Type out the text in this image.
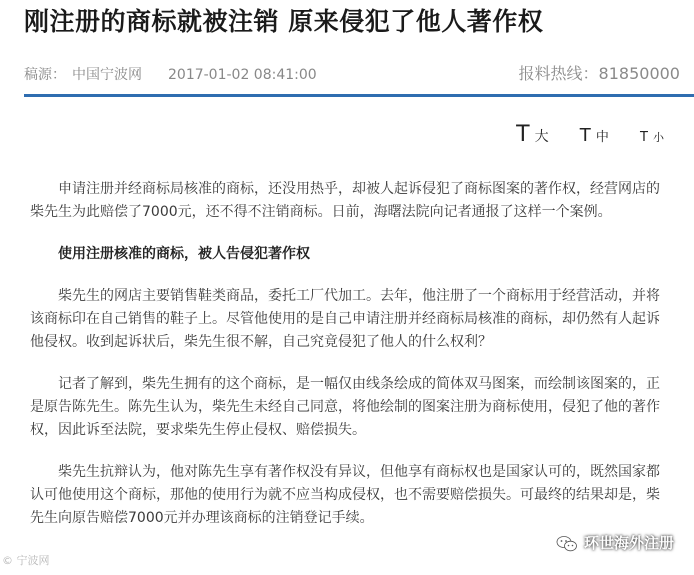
刚注册的商标就被注销 原来侵犯了他人著作权
稿源： 中国宁波网 2017-01-02 08:41:00	报料热线：81850000
T 大 T 中 T 小

申请注册并经商标局核准的商标，还没用热乎，却被人起诉侵犯了商标图案的著作权，经营网店的柴先生为此赔偿了7000元，还不得不注销商标。日前，海曙法院向记者通报了这样一个案例。

使用注册核准的商标，被人告侵犯著作权

柴先生的网店主要销售鞋类商品，委托工厂代加工。去年，他注册了一个商标用于经营活动，并将该商标印在自己销售的鞋子上。尽管他使用的是自己申请注册并经商标局核准的商标，却仍然有人起诉他侵权。收到起诉状后，柴先生很不解，自己究竟侵犯了他人的什么权利？

记者了解到，柴先生拥有的这个商标，是一幅仅由线条绘成的简体双马图案，而绘制该图案的，正是原告陈先生。陈先生认为，柴先生未经自己同意，将他绘制的图案注册为商标使用，侵犯了他的著作权，因此诉至法院，要求柴先生停止侵权、赔偿损失。

柴先生抗辩认为，他对陈先生享有著作权没有异议，但他享有商标权也是国家认可的，既然国家都认可他使用这个商标，那他的使用行为就不应当构成侵权，也不需要赔偿损失。可最终的结果却是，柴先生向原告赔偿7000元并办理该商标的注销登记手续。

© 宁波网
环世海外注册
